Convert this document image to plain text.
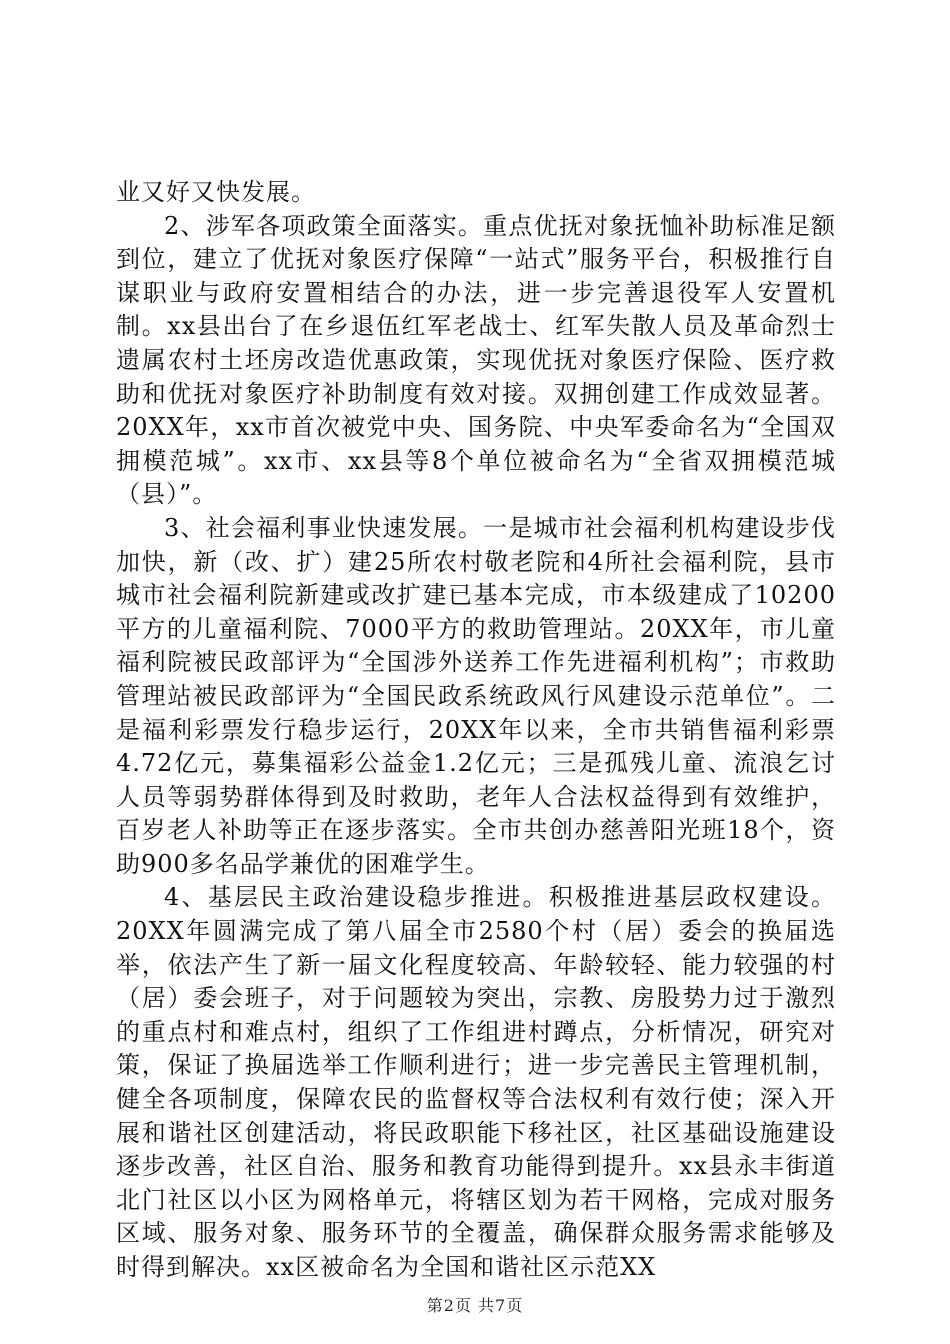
业又好又快发展。

2、涉军各项政策全面落实。重点优抚对象抚恤补助标准足额到位，建立了优抚对象医疗保障“一站式”服务平台，积极推行自谋职业与政府安置相结合的办法，进一步完善退役军人安置机制。xx县出台了在乡退伍红军老战士、红军失散人员及革命烈士遗属农村土坯房改造优惠政策，实现优抚对象医疗保险、医疗救助和优抚对象医疗补助制度有效对接。双拥创建工作成效显著。20XX年，xx市首次被党中央、国务院、中央军委命名为“全国双拥模范城”。xx市、xx县等8个单位被命名为“全省双拥模范城（县）”。

3、社会福利事业快速发展。一是城市社会福利机构建设步伐加快，新（改、扩）建25所农村敬老院和4所社会福利院，县市城市社会福利院新建或改扩建已基本完成，市本级建成了10200平方的儿童福利院、7000平方的救助管理站。20XX年，市儿童福利院被民政部评为“全国涉外送养工作先进福利机构”；市救助管理站被民政部评为“全国民政系统政风行风建设示范单位”。二是福利彩票发行稳步运行，20XX年以来，全市共销售福利彩票4.72亿元，募集福彩公益金1.2亿元；三是孤残儿童、流浪乞讨人员等弱势群体得到及时救助，老年人合法权益得到有效维护，百岁老人补助等正在逐步落实。全市共创办慈善阳光班18个，资助900多名品学兼优的困难学生。

4、基层民主政治建设稳步推进。积极推进基层政权建设。20XX年圆满完成了第八届全市2580个村（居）委会的换届选举，依法产生了新一届文化程度较高、年龄较轻、能力较强的村（居）委会班子，对于问题较为突出，宗教、房股势力过于激烈的重点村和难点村，组织了工作组进村蹲点，分析情况，研究对策，保证了换届选举工作顺利进行；进一步完善民主管理机制，健全各项制度，保障农民的监督权等合法权利有效行使；深入开展和谐社区创建活动，将民政职能下移社区，社区基础设施建设逐步改善，社区自治、服务和教育功能得到提升。xx县永丰街道北门社区以小区为网格单元，将辖区划为若干网格，完成对服务区域、服务对象、服务环节的全覆盖，确保群众服务需求能够及时得到解决。xx区被命名为全国和谐社区示范XX

第2页 共7页
